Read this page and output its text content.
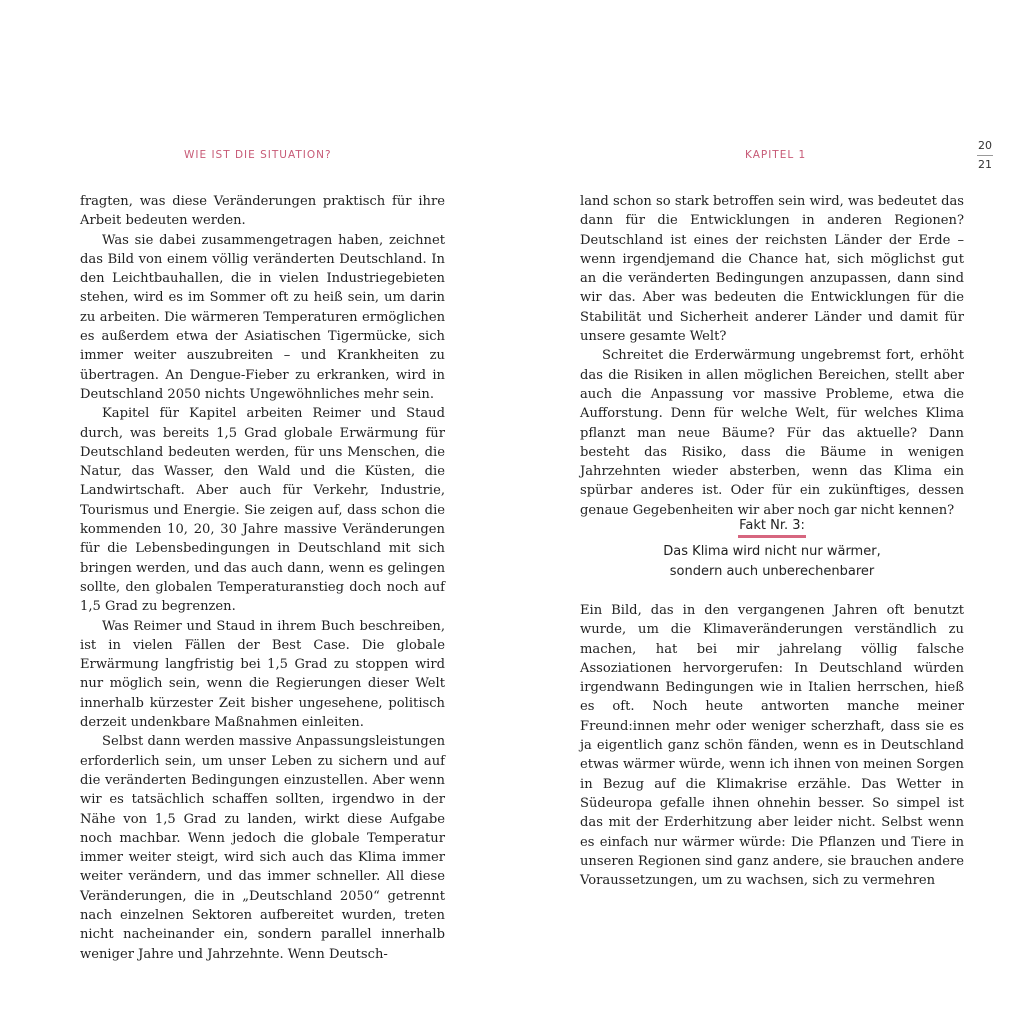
WIE IST DIE SITUATION?	KAPITEL 1
20
21

fragten, was diese Veränderungen praktisch für ihre Arbeit bedeuten werden.

Was sie dabei zusammengetragen haben, zeichnet das Bild von einem völlig veränderten Deutschland. In den Leichtbauhallen, die in vielen Industriegebieten stehen, wird es im Sommer oft zu heiß sein, um darin zu arbeiten. Die wärmeren Temperaturen ermöglichen es außerdem etwa der Asiatischen Tigermücke, sich immer weiter auszubreiten – und Krankheiten zu übertragen. An Dengue-Fieber zu erkranken, wird in Deutschland 2050 nichts Ungewöhnliches mehr sein.

Kapitel für Kapitel arbeiten Reimer und Staud durch, was bereits 1,5 Grad globale Erwärmung für Deutschland bedeuten werden, für uns Menschen, die Natur, das Wasser, den Wald und die Küsten, die Landwirtschaft. Aber auch für Verkehr, Industrie, Tourismus und Energie. Sie zeigen auf, dass schon die kommenden 10, 20, 30 Jahre massive Veränderungen für die Lebensbedingungen in Deutschland mit sich bringen werden, und das auch dann, wenn es gelingen sollte, den globalen Temperaturanstieg doch noch auf 1,5 Grad zu begrenzen.

Was Reimer und Staud in ihrem Buch beschreiben, ist in vielen Fällen der Best Case. Die globale Erwärmung langfristig bei 1,5 Grad zu stoppen wird nur möglich sein, wenn die Regierungen dieser Welt innerhalb kürzester Zeit bisher ungesehene, politisch derzeit undenkbare Maßnahmen einleiten.

Selbst dann werden massive Anpassungsleistungen erforderlich sein, um unser Leben zu sichern und auf die veränderten Bedingungen einzustellen. Aber wenn wir es tatsächlich schaffen sollten, irgendwo in der Nähe von 1,5 Grad zu landen, wirkt diese Aufgabe noch machbar. Wenn jedoch die globale Temperatur immer weiter steigt, wird sich auch das Klima immer weiter verändern, und das immer schneller. All diese Veränderungen, die in „Deutschland 2050“ getrennt nach einzelnen Sektoren aufbereitet wurden, treten nicht nacheinander ein, sondern parallel innerhalb weniger Jahre und Jahrzehnte. Wenn Deutsch-

land schon so stark betroffen sein wird, was bedeutet das dann für die Entwicklungen in anderen Regionen? Deutschland ist eines der reichsten Länder der Erde – wenn irgendjemand die Chance hat, sich möglichst gut an die veränderten Bedingungen anzupassen, dann sind wir das. Aber was bedeuten die Entwicklungen für die Stabilität und Sicherheit anderer Länder und damit für unsere gesamte Welt?

Schreitet die Erderwärmung ungebremst fort, erhöht das die Risiken in allen möglichen Bereichen, stellt aber auch die Anpassung vor massive Probleme, etwa die Aufforstung. Denn für welche Welt, für welches Klima pflanzt man neue Bäume? Für das aktuelle? Dann besteht das Risiko, dass die Bäume in wenigen Jahrzehnten wieder absterben, wenn das Klima ein spürbar anderes ist. Oder für ein zukünftiges, dessen genaue Gegebenheiten wir aber noch gar nicht kennen?

Fakt Nr. 3:
Das Klima wird nicht nur wärmer,
sondern auch unberechenbarer

Ein Bild, das in den vergangenen Jahren oft benutzt wurde, um die Klimaveränderungen verständlich zu machen, hat bei mir jahrelang völlig falsche Assoziationen hervorgerufen: In Deutschland würden irgendwann Bedingungen wie in Italien herrschen, hieß es oft. Noch heute antworten manche meiner Freund:innen mehr oder weniger scherzhaft, dass sie es ja eigentlich ganz schön fänden, wenn es in Deutschland etwas wärmer würde, wenn ich ihnen von meinen Sorgen in Bezug auf die Klimakrise erzähle. Das Wetter in Südeuropa gefalle ihnen ohnehin besser. So simpel ist das mit der Erderhitzung aber leider nicht. Selbst wenn es einfach nur wärmer würde: Die Pflanzen und Tiere in unseren Regionen sind ganz andere, sie brauchen andere Voraussetzungen, um zu wachsen, sich zu vermehren
